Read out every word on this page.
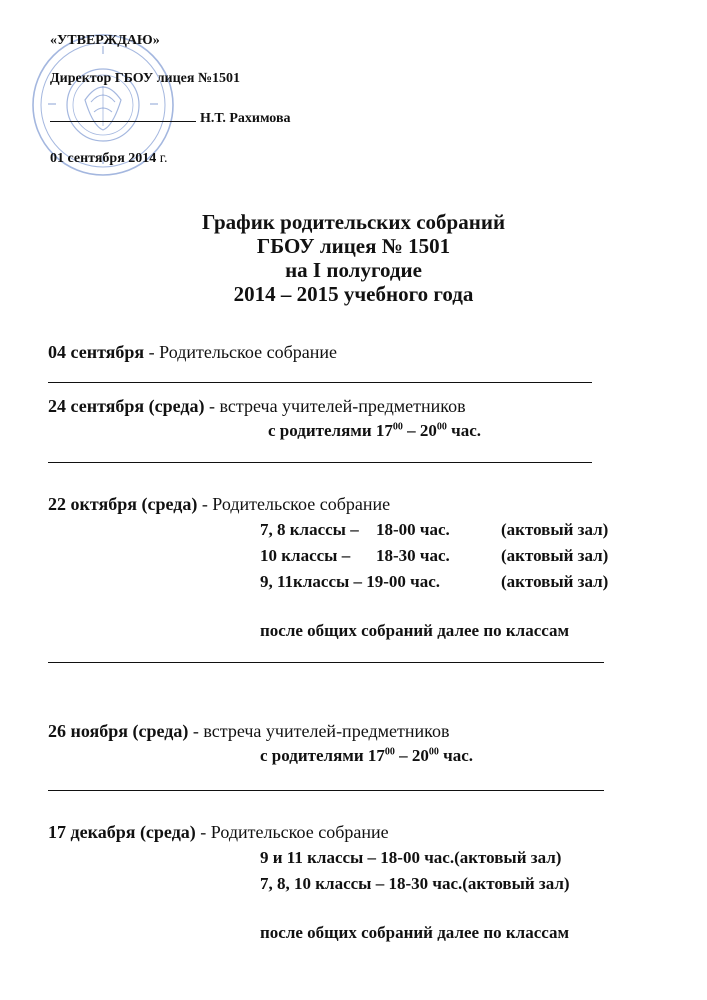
«УТВЕРЖДАЮ»
Директор ГБОУ лицея №1501
Н.Т. Рахимова
01 сентября 2014 г.
График родительских собраний
ГБОУ лицея № 1501
на I полугодие
2014 – 2015 учебного года
04 сентября - Родительское собрание
24 сентября (среда) - встреча учителей-предметников
с родителями $17^{00} - 20^{00}$ час.
22 октября (среда) - Родительское собрание
7, 8 классы – 18-00 час.	(актовый зал)
10 классы – 18-30 час.	(актовый зал)
9, 11классы – 19-00 час.	(актовый зал)
после общих собраний далее по классам
26 ноября (среда) - встреча учителей-предметников
с родителями $17^{00} - 20^{00}$ час.
17 декабря (среда) - Родительское собрание
9 и 11 классы – 18-00 час.(актовый зал)
7, 8, 10 классы – 18-30 час.(актовый зал)
после общих собраний далее по классам
